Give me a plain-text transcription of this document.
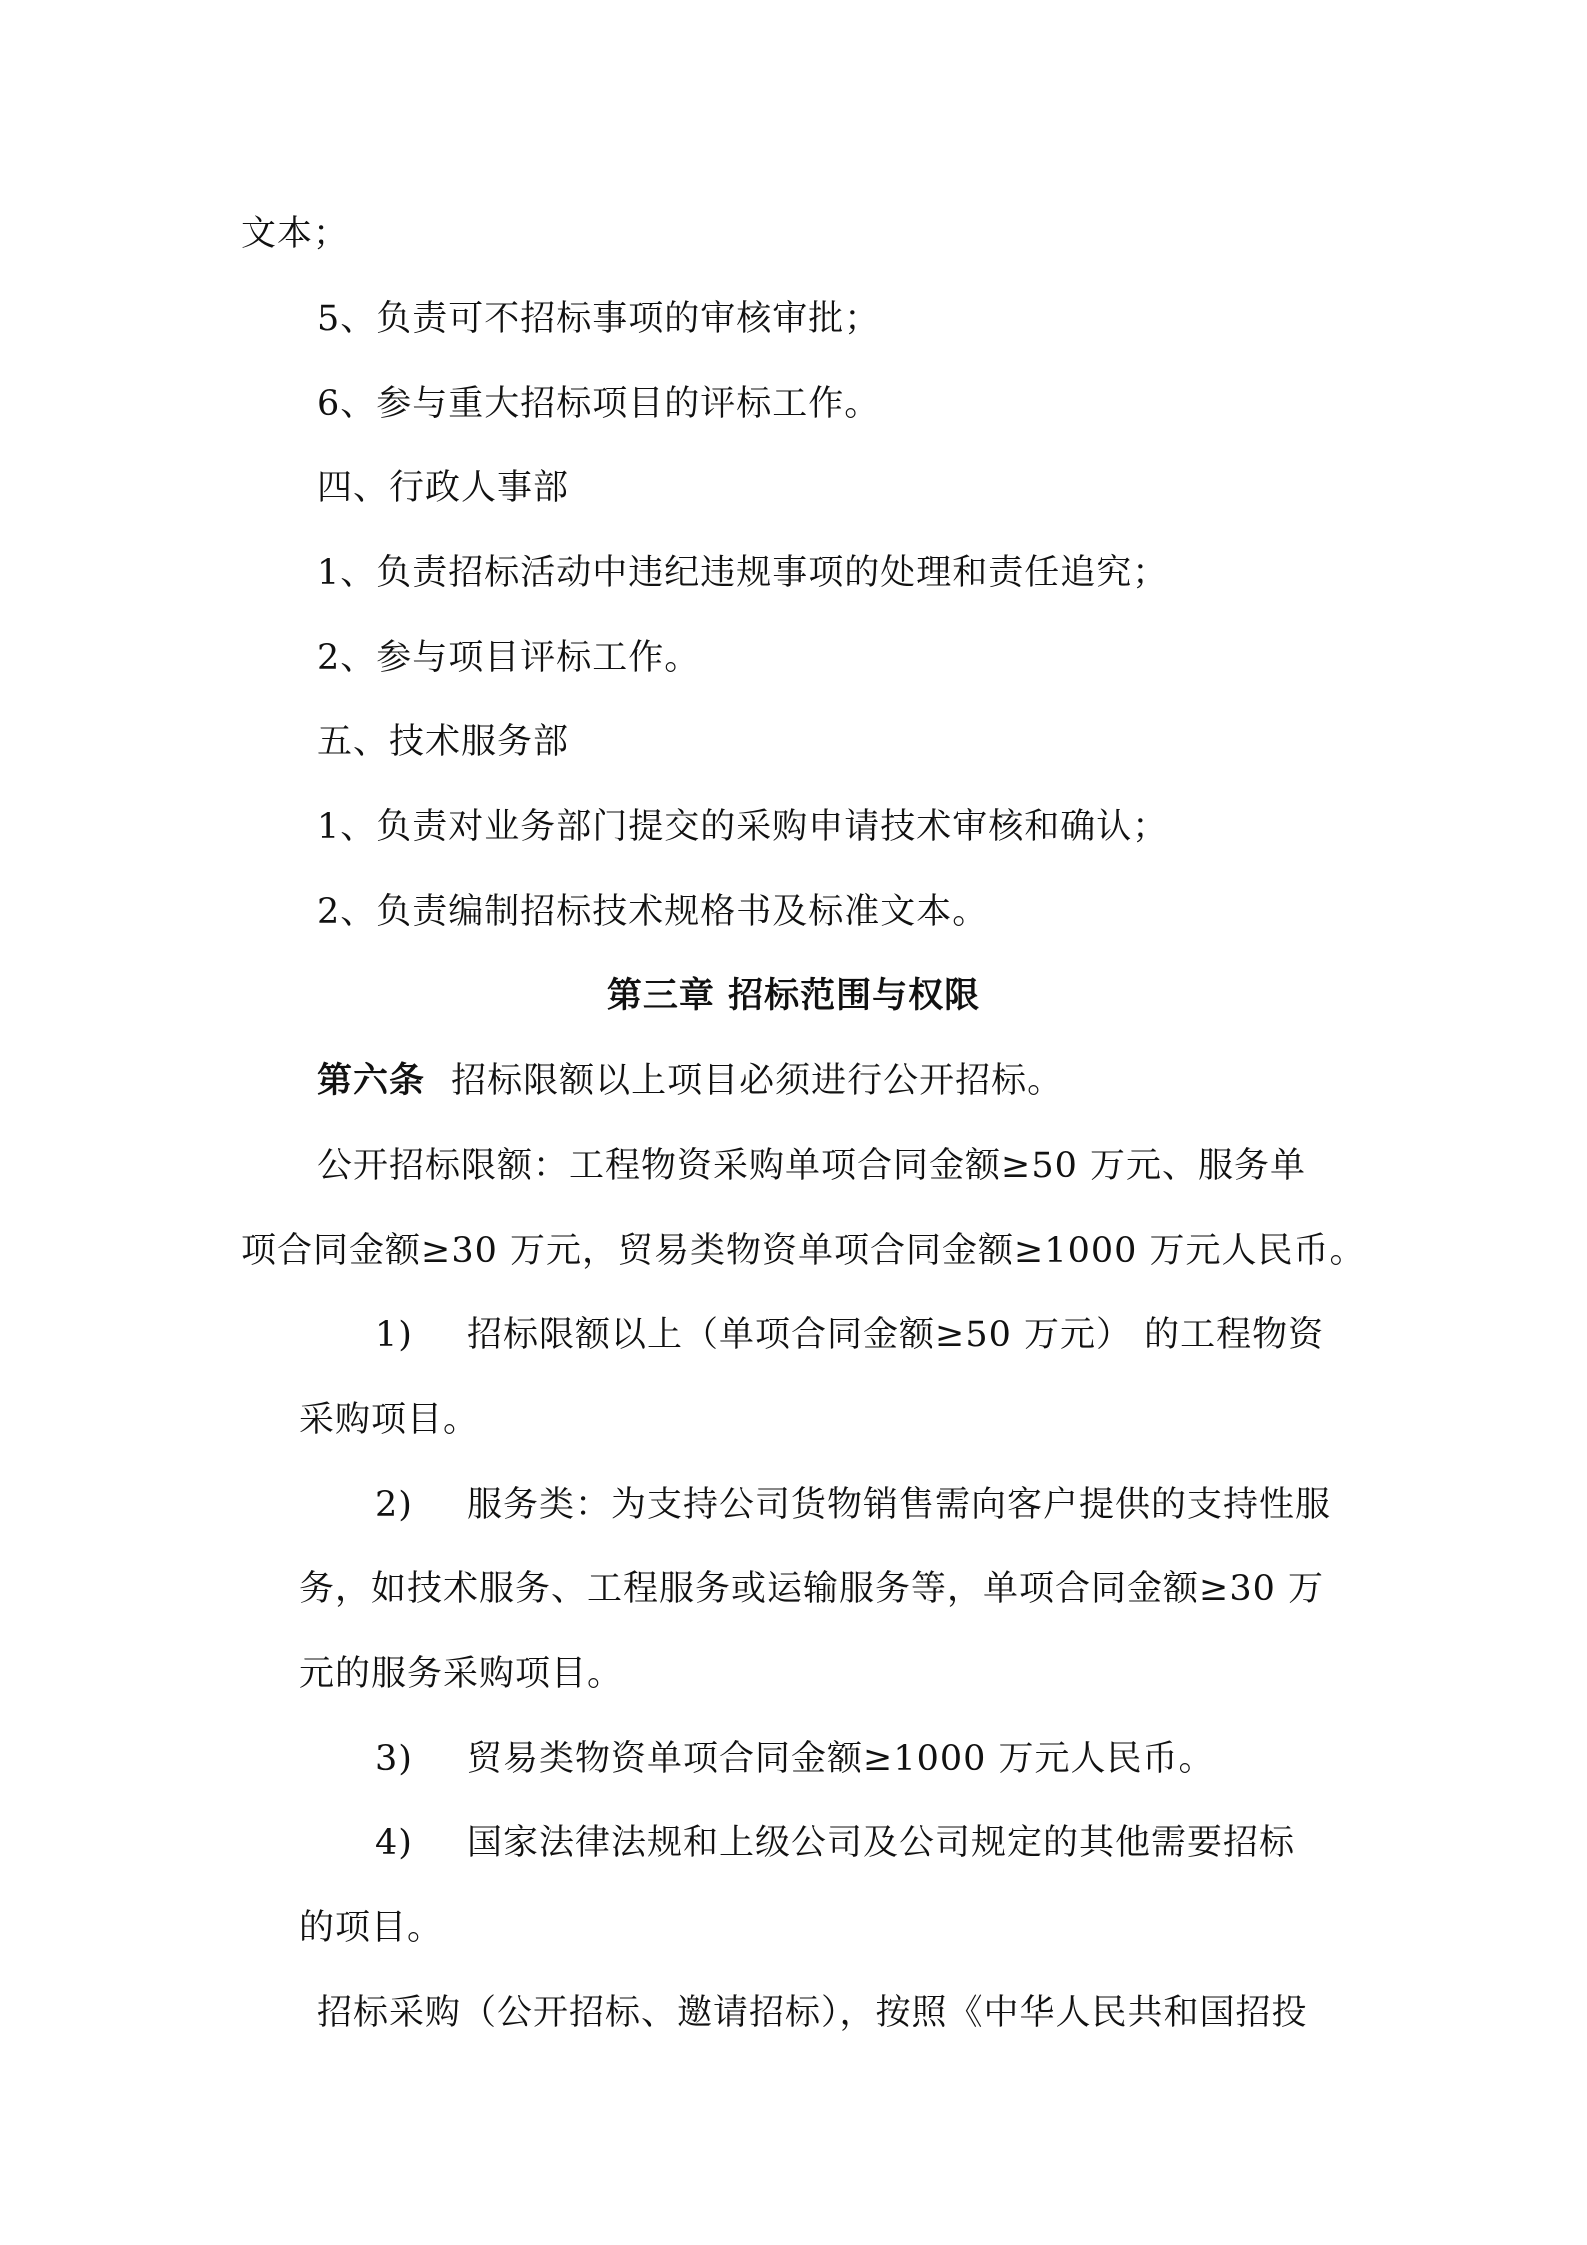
文本；
5、负责可不招标事项的审核审批；
6、参与重大招标项目的评标工作。
四、行政人事部
1、负责招标活动中违纪违规事项的处理和责任追究；
2、参与项目评标工作。
五、技术服务部
1、负责对业务部门提交的采购申请技术审核和确认；
2、负责编制招标技术规格书及标准文本。
第三章 招标范围与权限
第六条 招标限额以上项目必须进行公开招标。
公开招标限额：工程物资采购单项合同金额≥50 万元、服务单
项合同金额≥30 万元，贸易类物资单项合同金额≥1000 万元人民币。
1) 招标限额以上（单项合同金额≥50 万元） 的工程物资
采购项目。
2) 服务类：为支持公司货物销售需向客户提供的支持性服
务，如技术服务、工程服务或运输服务等，单项合同金额≥30 万
元的服务采购项目。
3) 贸易类物资单项合同金额≥1000 万元人民币。
4) 国家法律法规和上级公司及公司规定的其他需要招标
的项目。
招标采购（公开招标、邀请招标），按照《中华人民共和国招投
